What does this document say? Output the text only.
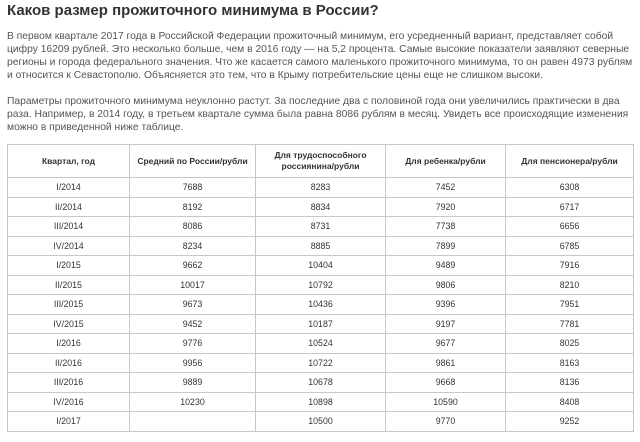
Каков размер прожиточного минимума в России?

В первом квартале 2017 года в Российской Федерации прожиточный минимум, его усредненный вариант, представляет собой цифру 16209 рублей. Это несколько больше, чем в 2016 году — на 5,2 процента. Самые высокие показатели заявляют северные регионы и города федерального значения. Что же касается самого маленького прожиточного минимума, то он равен 4973 рублям и относится к Севастополю. Объясняется это тем, что в Крыму потребительские цены еще не слишком высоки.

Параметры прожиточного минимума неуклонно растут. За последние два с половиной года они увеличились практически в два раза. Например, в 2014 году, в третьем квартале сумма была равна 8086 рублям в месяц. Увидеть все происходящие изменения можно в приведенной ниже таблице.

Квартал, год	Средний по России/рубли	Для трудоспособного россиянина/рубли	Для ребенка/рубли	Для пенсионера/рубли
I/2014	7688	8283	7452	6308
II/2014	8192	8834	7920	6717
III/2014	8086	8731	7738	6656
IV/2014	8234	8885	7899	6785
I/2015	9662	10404	9489	7916
II/2015	10017	10792	9806	8210
III/2015	9673	10436	9396	7951
IV/2015	9452	10187	9197	7781
I/2016	9776	10524	9677	8025
II/2016	9956	10722	9861	8163
III/2016	9889	10678	9668	8136
IV/2016	10230	10898	10590	8408
I/2017		10500	9770	9252
